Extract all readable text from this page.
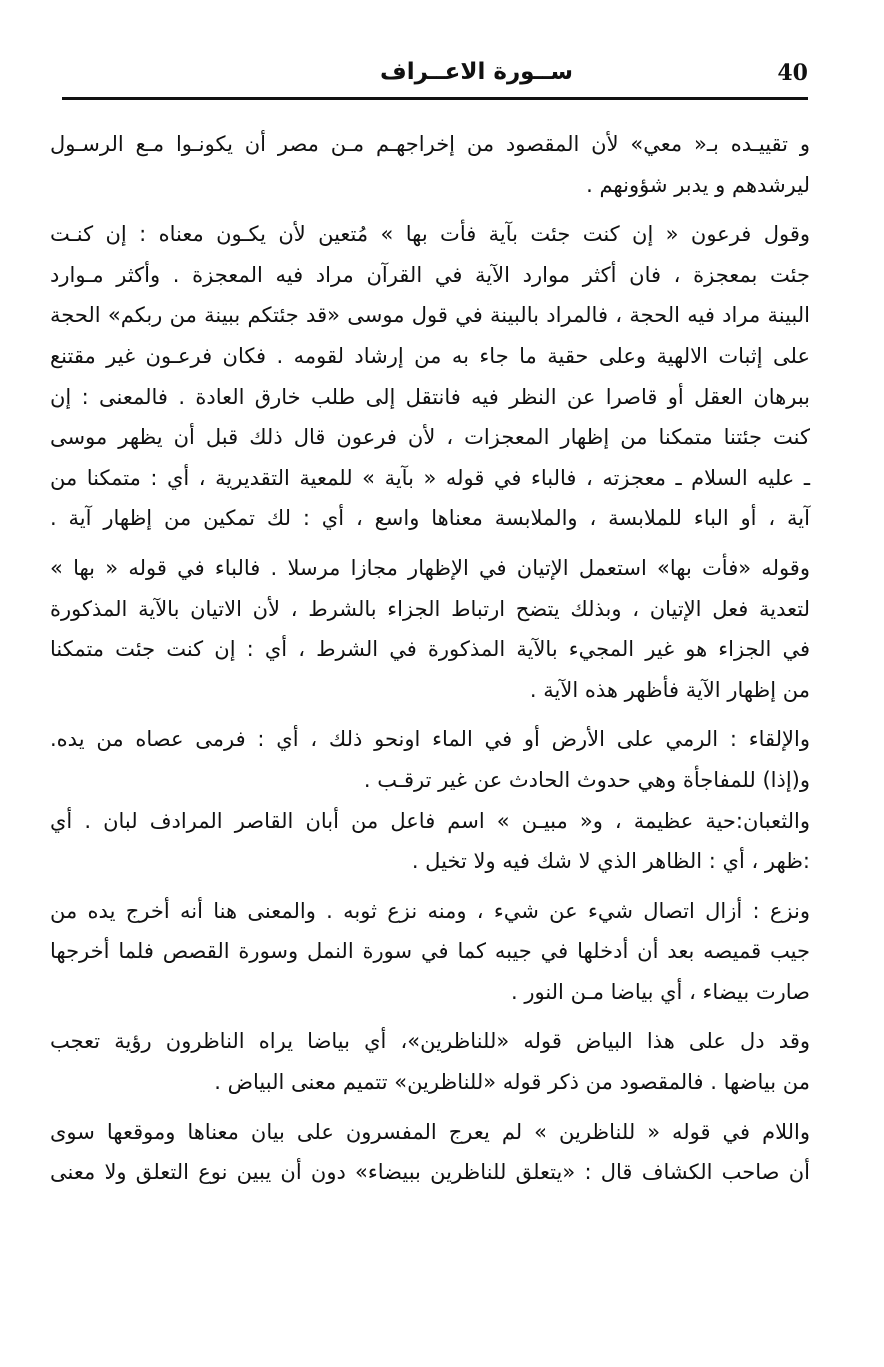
40
ســورة الاعــراف

و تقييـده بـ« معي» لأن المقصود من إخراجهـم مـن مصر أن يكونـوا مـع الرسـول
ليرشدهم و يدبر شؤونهم .

وقول فرعون « إن كنت جئت بآية فأت بها » مُتعين لأن يكـون معناه : إن كنـت
جئت بمعجزة ، فان أكثر موارد الآية في القرآن مراد فيه المعجزة . وأكثر مـوارد
البينة مراد فيه الحجة ، فالمراد بالبينة في قول موسى «قد جئتكم ببينة من ربكم» الحجة
على إثبات الالهية وعلى حقية ما جاء به من إرشاد لقومه . فكان فرعـون غير مقتنع
ببرهان العقل أو قاصرا عن النظر فيه فانتقل إلى طلب خارق العادة . فالمعنى : إن
كنت جئتنا متمكنا من إظهار المعجزات ، لأن فرعون قال ذلك قبل أن يظهر موسى
ـ عليه السلام ـ معجزته ، فالباء في قوله « بآية » للمعية التقديرية ، أي : متمكنا من
آية ، أو الباء للملابسة ، والملابسة معناها واسع ، أي : لك تمكين من إظهار آية .

وقوله «فأت بها» استعمل الإتيان في الإظهار مجازا مرسلا . فالباء في قوله « بها »
لتعدية فعل الإتيان ، وبذلك يتضح ارتباط الجزاء بالشرط ، لأن الاتيان بالآية المذكورة
في الجزاء هو غير المجيء بالآية المذكورة في الشرط ، أي : إن كنت جئت متمكنا
من إظهار الآية فأظهر هذه الآية .

والإلقاء : الرمي على الأرض أو في الماء اونحو ذلك ، أي : فرمى عصاه من يده.
و(إذا) للمفاجأة وهي حدوث الحادث عن غير ترقـب .

والثعبان:حية عظيمة ، و« مبيـن » اسم فاعل من أبان القاصر المرادف لبان . أي
:ظهر ، أي : الظاهر الذي لا شك فيه ولا تخيل .

ونزع : أزال اتصال شيء عن شيء ، ومنه نزع ثوبه . والمعنى هنا أنه أخرج يده من
جيب قميصه بعد أن أدخلها في جيبه كما في سورة النمل وسورة القصص فلما أخرجها
صارت بيضاء ، أي بياضا مـن النور .

وقد دل على هذا البياض قوله «للناظرين»، أي بياضا يراه الناظرون رؤية تعجب
من بياضها . فالمقصود من ذكر قوله «للناظرين» تتميم معنى البياض .

واللام في قوله « للناظرين » لم يعرج المفسرون على بيان معناها وموقعها سوى
أن صاحب الكشاف قال : «يتعلق للناظرين ببيضاء» دون أن يبين نوع التعلق ولا معنى
